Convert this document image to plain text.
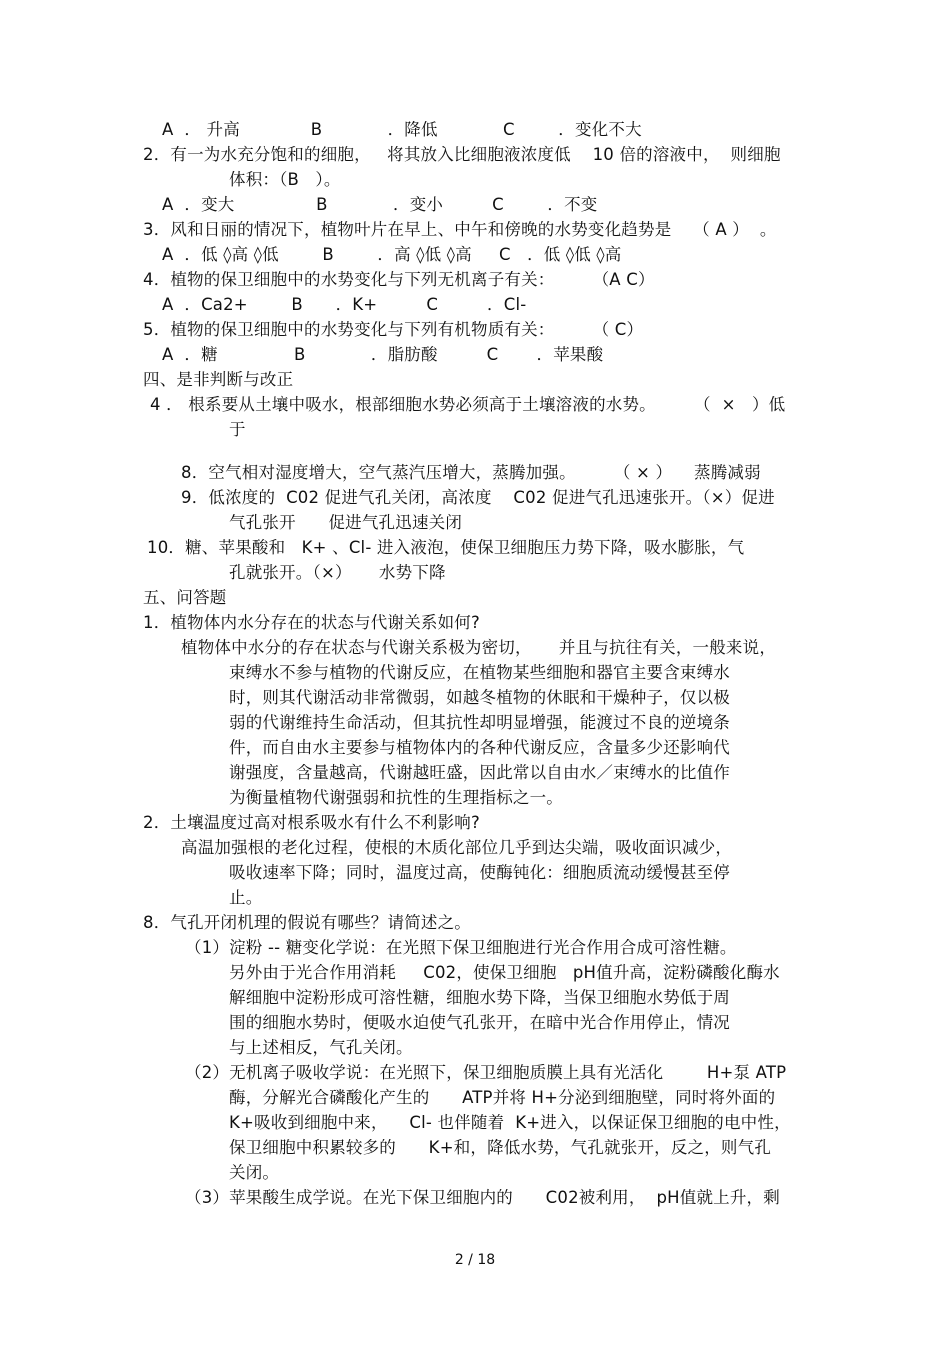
A  ． 升高             B            ．降低            C        ．变化不大
2．有一为水充分饱和的细胞，   将其放入比细胞液浓度低    10 倍的溶液中，  则细胞
体积：（B   ）。
A  ．变大               B            ．变小         C        ．不变
3．风和日丽的情况下，植物叶片在早上、中午和傍晚的水势变化趋势是    （ A ）  。
A  ．低 ◊高 ◊低        B        ．高 ◊低 ◊高     C   ．低 ◊低 ◊高
4．植物的保卫细胞中的水势变化与下列无机离子有关：       （A C）
A  ．Ca2+        B      ．K+         C         ．Cl-
5．植物的保卫细胞中的水势变化与下列有机物质有关：       （ C）
A  ．糖              B            ．脂肪酸         C       ．苹果酸
四、是非判断与改正
4 ． 根系要从土壤中吸水，根部细胞水势必须高于土壤溶液的水势。       （  ×   ）低
于
8．空气相对湿度增大，空气蒸汽压增大，蒸腾加强。       （ × ）    蒸腾减弱
9．低浓度的  C02 促进气孔关闭，高浓度    C02 促进气孔迅速张开。（×）促进
气孔张开      促进气孔迅速关闭
10．糖、苹果酸和   K+ 、Cl- 进入液泡，使保卫细胞压力势下降，吸水膨胀，气
孔就张开。（×）     水势下降
五、问答题
1．植物体内水分存在的状态与代谢关系如何?
植物体中水分的存在状态与代谢关系极为密切，     并且与抗往有关，一般来说，
束缚水不参与植物的代谢反应，在植物某些细胞和器官主要含束缚水
时，则其代谢活动非常微弱，如越冬植物的休眠和干燥种子，仅以极
弱的代谢维持生命活动，但其抗性却明显增强，能渡过不良的逆境条
件，而自由水主要参与植物体内的各种代谢反应，含量多少还影响代
谢强度，含量越高，代谢越旺盛，因此常以自由水／束缚水的比值作
为衡量植物代谢强弱和抗性的生理指标之一。
2．土壤温度过高对根系吸水有什么不利影响?
高温加强根的老化过程，使根的木质化部位几乎到达尖端，吸收面识减少，
吸收速率下降；同时，温度过高，使酶钝化：细胞质流动缓慢甚至停
止。
8．气孔开闭机理的假说有哪些？请简述之。
（1）淀粉 -- 糖变化学说：在光照下保卫细胞进行光合作用合成可溶性糖。
另外由于光合作用消耗     C02，使保卫细胞   pH值升高，淀粉磷酸化酶水
解细胞中淀粉形成可溶性糖，细胞水势下降，当保卫细胞水势低于周
围的细胞水势时，便吸水迫使气孔张开，在暗中光合作用停止，情况
与上述相反，气孔关闭。
（2）无机离子吸收学说：在光照下，保卫细胞质膜上具有光活化        H+泵 ATP
酶，分解光合磷酸化产生的      ATP并将 H+分泌到细胞壁，同时将外面的
K+吸收到细胞中来，    Cl- 也伴随着  K+进入，以保证保卫细胞的电中性，
保卫细胞中积累较多的      K+和，降低水势，气孔就张开，反之，则气孔
关闭。
（3）苹果酸生成学说。在光下保卫细胞内的      C02被利用，  pH值就上升，剩
2 / 18
